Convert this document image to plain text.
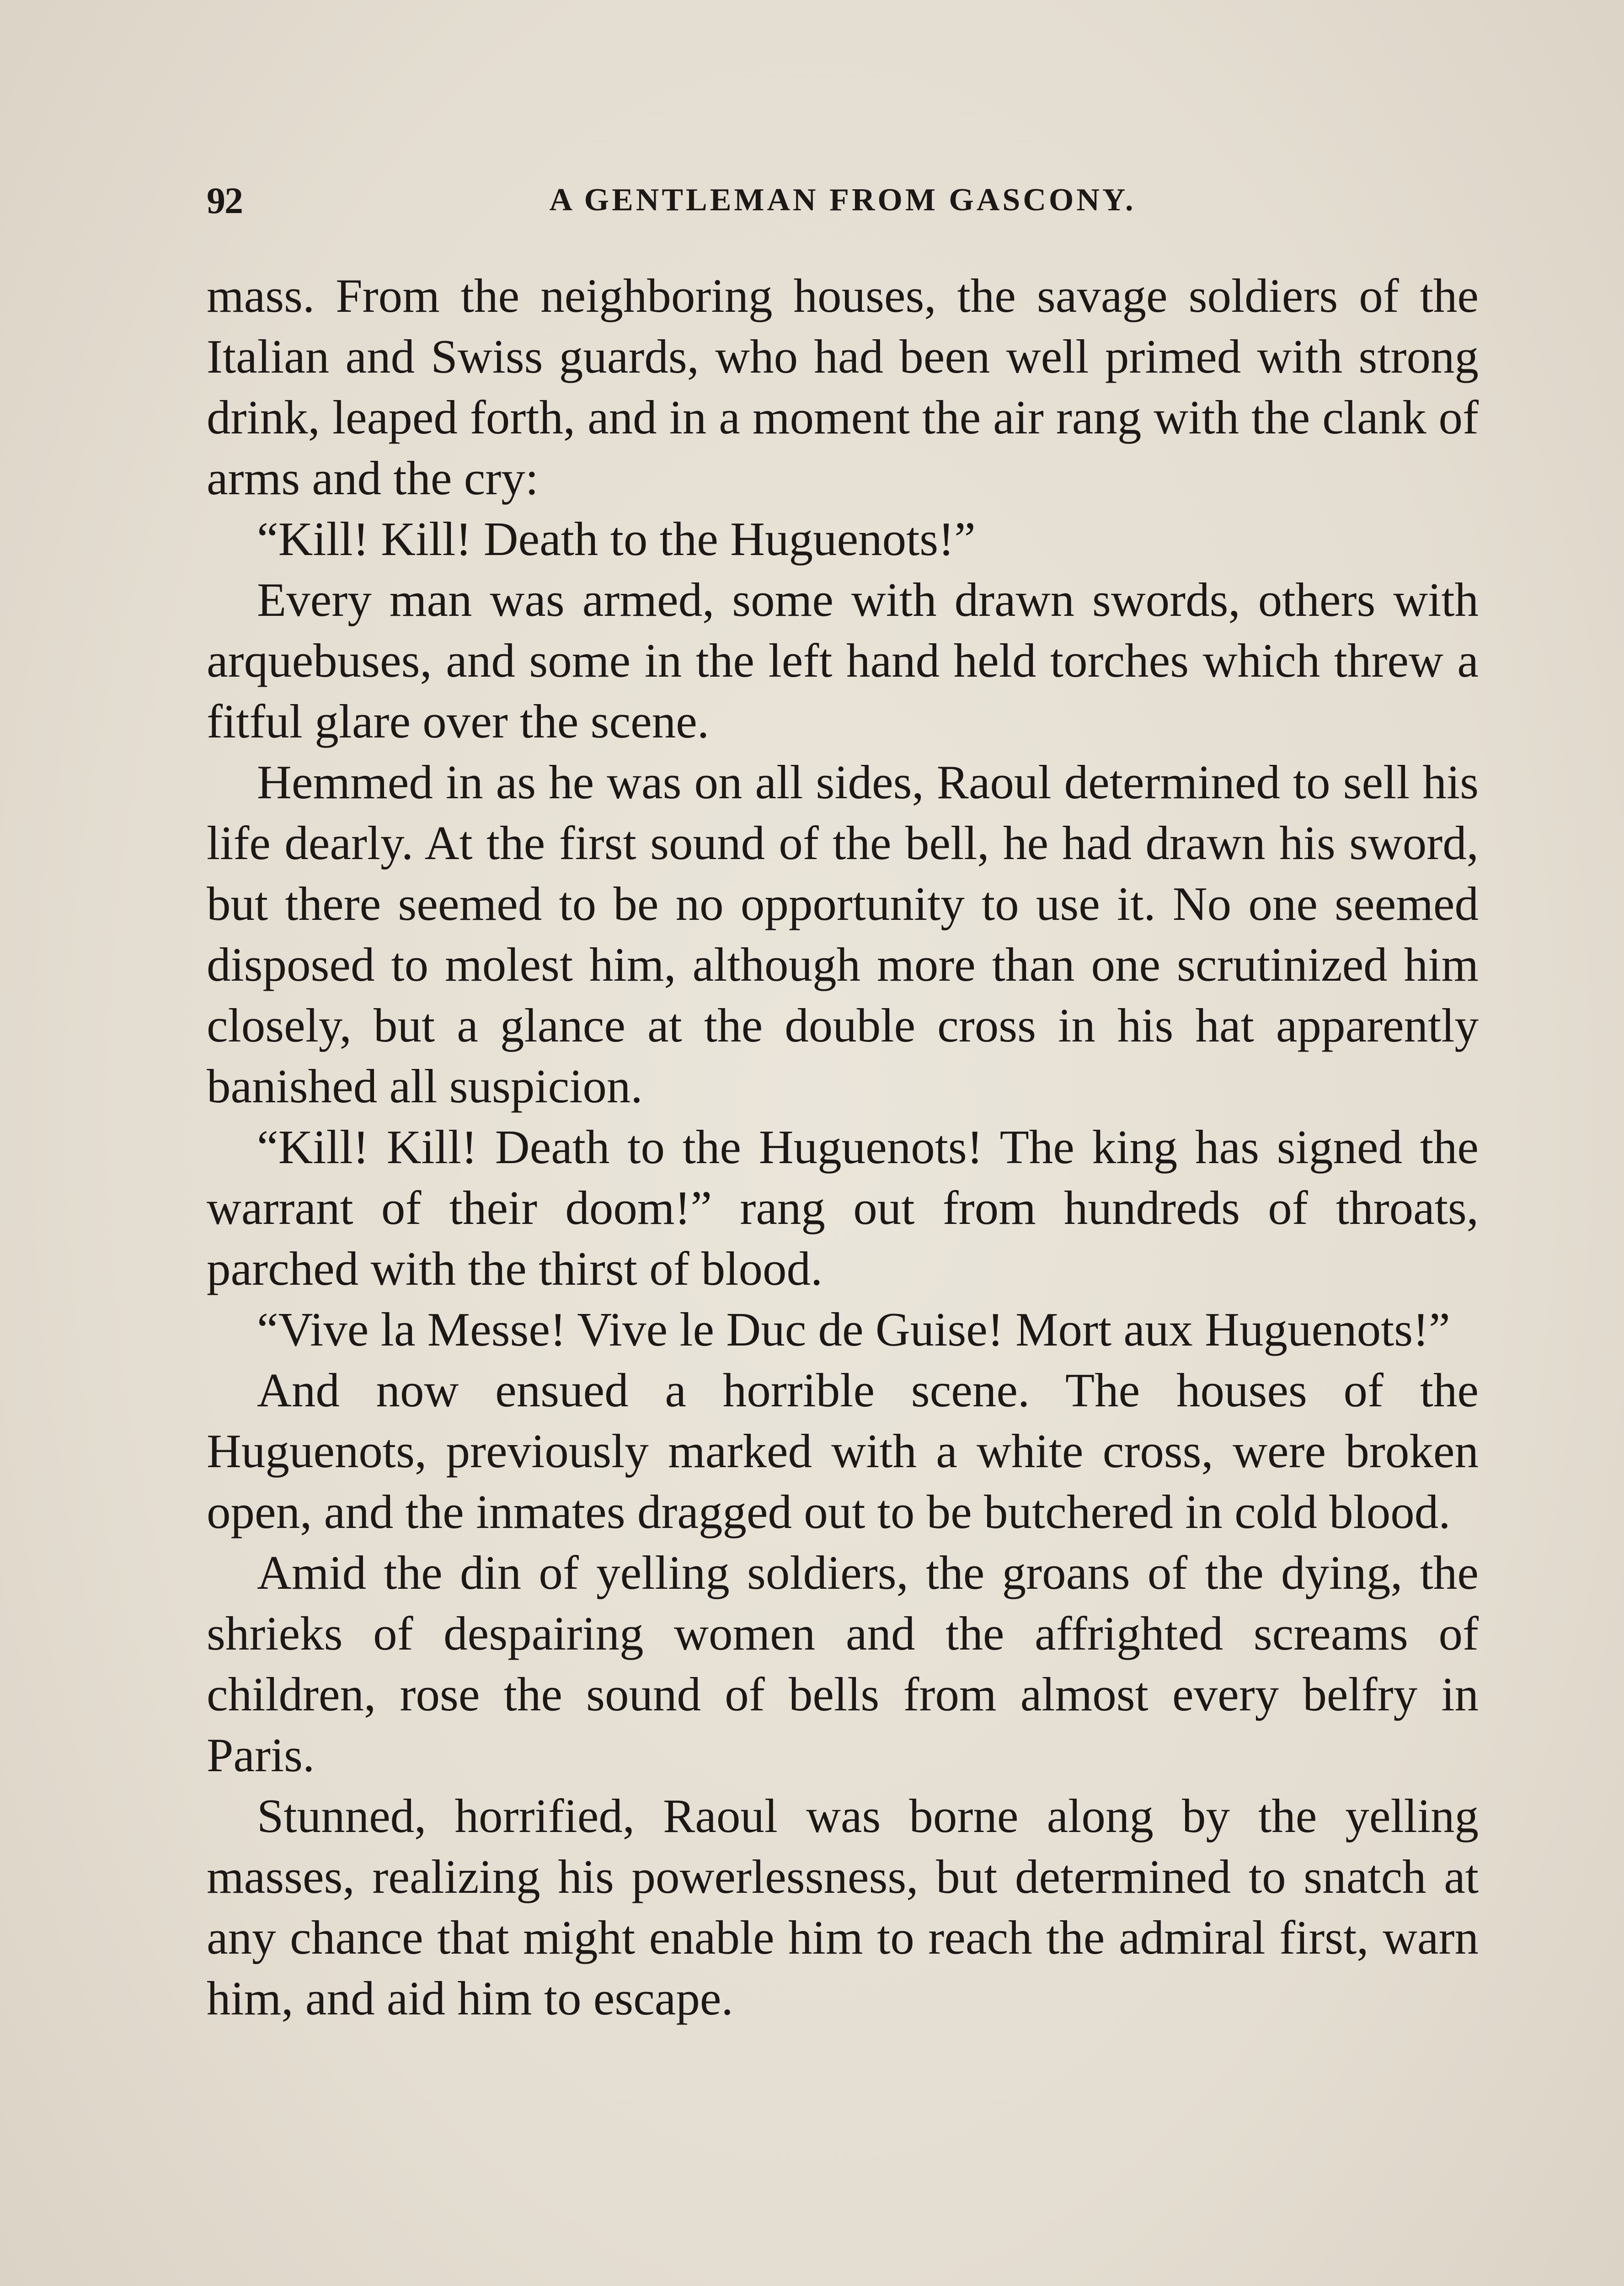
92	A GENTLEMAN FROM GASCONY.

mass. From the neighboring houses, the savage soldiers of the Italian and Swiss guards, who had been well primed with strong drink, leaped forth, and in a moment the air rang with the clank of arms and the cry:

“Kill! Kill! Death to the Huguenots!”

Every man was armed, some with drawn swords, others with arquebuses, and some in the left hand held torches which threw a fitful glare over the scene.

Hemmed in as he was on all sides, Raoul determined to sell his life dearly. At the first sound of the bell, he had drawn his sword, but there seemed to be no opportunity to use it. No one seemed disposed to molest him, although more than one scrutinized him closely, but a glance at the double cross in his hat apparently banished all suspicion.

“Kill! Kill! Death to the Huguenots! The king has signed the warrant of their doom!” rang out from hundreds of throats, parched with the thirst of blood.

“Vive la Messe! Vive le Duc de Guise! Mort aux Huguenots!”

And now ensued a horrible scene. The houses of the Huguenots, previously marked with a white cross, were broken open, and the inmates dragged out to be butchered in cold blood.

Amid the din of yelling soldiers, the groans of the dying, the shrieks of despairing women and the affrighted screams of children, rose the sound of bells from almost every belfry in Paris.

Stunned, horrified, Raoul was borne along by the yelling masses, realizing his powerlessness, but determined to snatch at any chance that might enable him to reach the admiral first, warn him, and aid him to escape.
